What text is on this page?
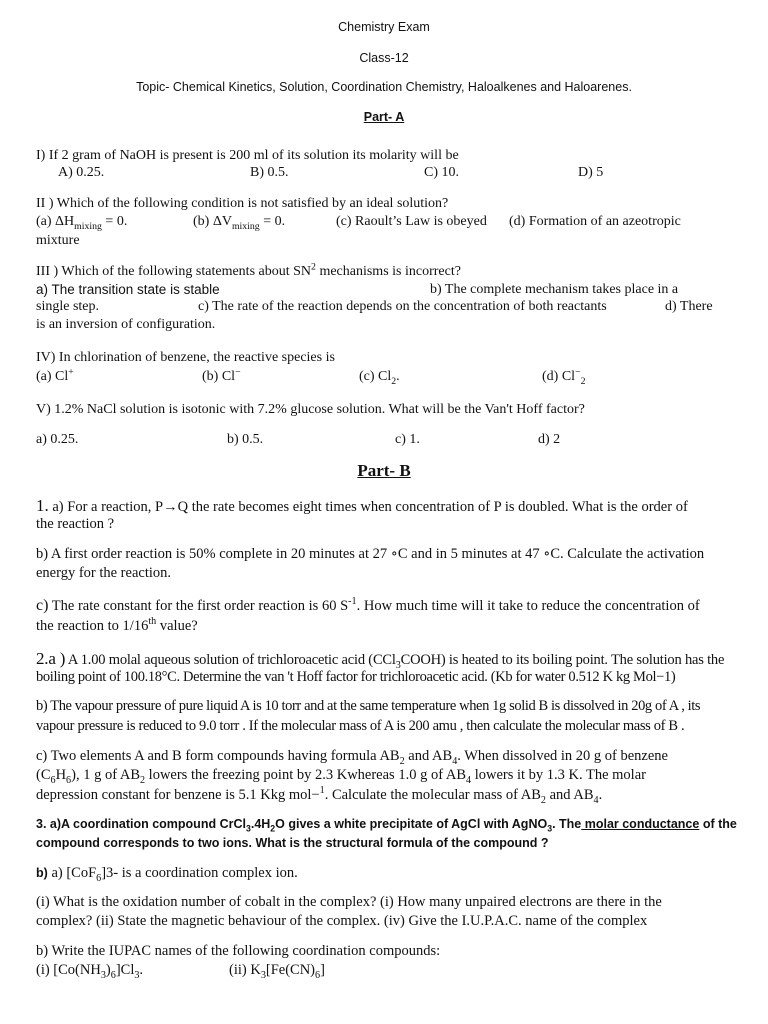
Chemistry Exam
Class-12
Topic- Chemical Kinetics, Solution, Coordination Chemistry, Haloalkenes and Haloarenes.
Part- A
I) If 2 gram of NaOH is present is 200 ml of its solution its molarity will be
A) 0.25.	B) 0.5.	C) 10.	D) 5
II ) Which of the following condition is not satisfied by an ideal solution?
(a) $\Delta H_{mixing} = 0$.	(b) $\Delta V_{mixing} = 0$.	(c) Raoult’s Law is obeyed (d) Formation of an azeotropic
mixture
III ) Which of the following statements about $SN^2$ mechanisms is incorrect?
a) The transition state is stable	b) The complete mechanism takes place in a
single step.	c) The rate of the reaction depends on the concentration of both reactants	d) There
is an inversion of configuration.
IV) In chlorination of benzene, the reactive species is
(a) Cl+	(b) Cl−	(c) $Cl_2$.	(d) $Cl^-_2$
V) 1.2% NaCl solution is isotonic with 7.2% glucose solution. What will be the Van't Hoff factor?
a) 0.25.	b) 0.5.	c) 1.	d) 2
Part- B
1. a) For a reaction, P→Q the rate becomes eight times when concentration of P is doubled. What is the order of
the reaction ?
b) A first order reaction is 50% complete in 20 minutes at 27 ∘C and in 5 minutes at 47 ∘C. Calculate the activation
energy for the reaction.
c) The rate constant for the first order reaction is 60 $S^{-1}$. How much time will it take to reduce the concentration of
the reaction to 1/16th value?
2.a ) A 1.00 molal aqueous solution of trichloroacetic acid (CCl$_3$COOH) is heated to its boiling point. The solution has the
boiling point of 100.18°C. Determine the van 't Hoff factor for trichloroacetic acid. (Kb for water 0.512 K kg Mol−1)
b) The vapour pressure of pure liquid A is 10 torr and at the same temperature when 1g solid B is dissolved in 20g of A , its
vapour pressure is reduced to 9.0 torr . If the molecular mass of A is 200 amu , then calculate the molecular mass of B .
c) Two elements A and B form compounds having formula $AB_2$ and $AB_4$. When dissolved in 20 g of benzene
$(C_6H_6)$, 1 g of $AB_2$ lowers the freezing point by 2.3 Kwhereas 1.0 g of $AB_4$ lowers it by 1.3 K. The molar
depression constant for benzene is 5.1 Kkg mol−$^1$. Calculate the molecular mass of $AB_2$ and $AB_4$.
3. a)A coordination compound $CrCl_3.4H_2O$ gives a white precipitate of AgCl with AgNO$_3$. The molar conductance of the
compound corresponds to two ions. What is the structural formula of the compound ?
b) a) [CoF$_6$]3- is a coordination complex ion.
(i) What is the oxidation number of cobalt in the complex? (i) How many unpaired electrons are there in the
complex? (ii) State the magnetic behaviour of the complex. (iv) Give the I.U.P.A.C. name of the complex
b) Write the IUPAC names of the following coordination compounds:
(i) $[Co(NH_3)_6]Cl_3$.	(ii) $K_3[Fe(CN)_6]$
